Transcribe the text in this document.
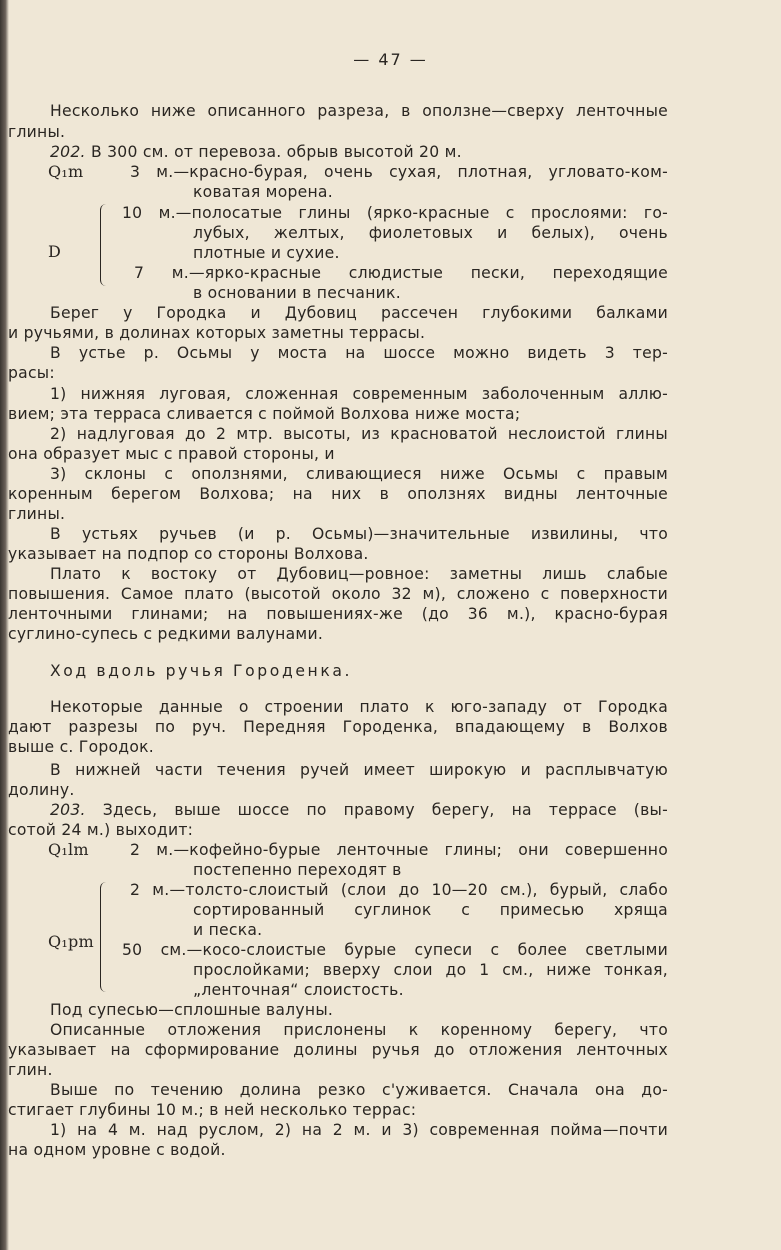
— 47 —
Несколько ниже описанного разреза, в оползне—сверху ленточные
глины.
202. В 300 см. от перевоза. обрыв высотой 20 м.
Q₁m	3 м.—красно-бурая, очень сухая, плотная, угловато-ком-
коватая морена.
D
10 м.—полосатые глины (ярко-красные с прослоями: го-
лубых, желтых, фиолетовых и белых), очень
плотные и сухие.
7 м.—ярко-красные слюдистые пески, переходящие
в основании в песчаник.
Берег у Городка и Дубовиц рассечен глубокими балками
и ручьями, в долинах которых заметны террасы.
В устье р. Осьмы у моста на шоссе можно видеть 3 тер-
расы:
1) нижняя луговая, сложенная современным заболоченным аллю-
вием; эта терраса сливается с поймой Волхова ниже моста;
2) надлуговая до 2 мтр. высоты, из красноватой неслоистой глины
она образует мыс с правой стороны, и
3) склоны с оползнями, сливающиеся ниже Осьмы с правым
коренным берегом Волхова; на них в оползнях видны ленточные
глины.
В устьях ручьев (и р. Осьмы)—значительные извилины, что
указывает на подпор со стороны Волхова.
Плато к востоку от Дубовиц—ровное: заметны лишь слабые
повышения. Самое плато (высотой около 32 м), сложено с поверхности
ленточными глинами; на повышениях-же (до 36 м.), красно-бурая
суглино-супесь с редкими валунами.
Ход вдоль ручья Городенка.
Некоторые данные о строении плато к юго-западу от Городка
дают разрезы по руч. Передняя Городенка, впадающему в Волхов
выше с. Городок.
В нижней части течения ручей имеет широкую и расплывчатую
долину.
203. Здесь, выше шоссе по правому берегу, на террасе (вы-
сотой 24 м.) выходит:
Q₁lm	2 м.—кофейно-бурые ленточные глины; они совершенно
постепенно переходят в
Q₁pm
2 м.—толсто-слоистый (слои до 10—20 см.), бурый, слабо
сортированный суглинок с примесью хряща
и песка.
50 см.—косо-слоистые бурые супеси с более светлыми
прослойками; вверху слои до 1 см., ниже тонкая,
„ленточная“ слоистость.
Под супесью—сплошные валуны.
Описанные отложения прислонены к коренному берегу, что
указывает на сформирование долины ручья до отложения ленточных
глин.
Выше по течению долина резко с'уживается. Сначала она до-
стигает глубины 10 м.; в ней несколько террас:
1) на 4 м. над руслом, 2) на 2 м. и 3) современная пойма—почти
на одном уровне с водой.
